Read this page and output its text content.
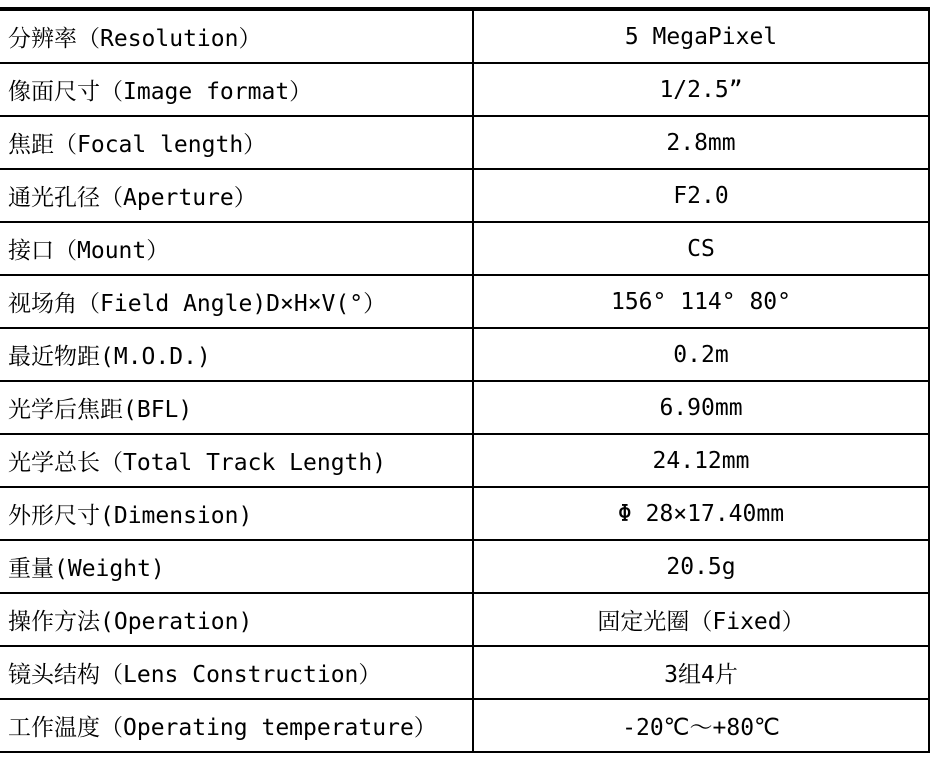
分辨率（Resolution）	5 MegaPixel
像面尺寸（Image format）	1/2.5”
焦距（Focal length）	2.8mm
通光孔径（Aperture）	F2.0
接口（Mount）	CS
视场角（Field Angle)D×H×V(°）	156° 114° 80°
最近物距(M.O.D.)	0.2m
光学后焦距(BFL)	6.90mm
光学总长（Total Track Length)	24.12mm
外形尺寸(Dimension)	Φ 28×17.40mm
重量(Weight)	20.5g
操作方法(Operation)	固定光圈（Fixed）
镜头结构（Lens Construction）	3组4片
工作温度（Operating temperature）	-20℃～+80℃
